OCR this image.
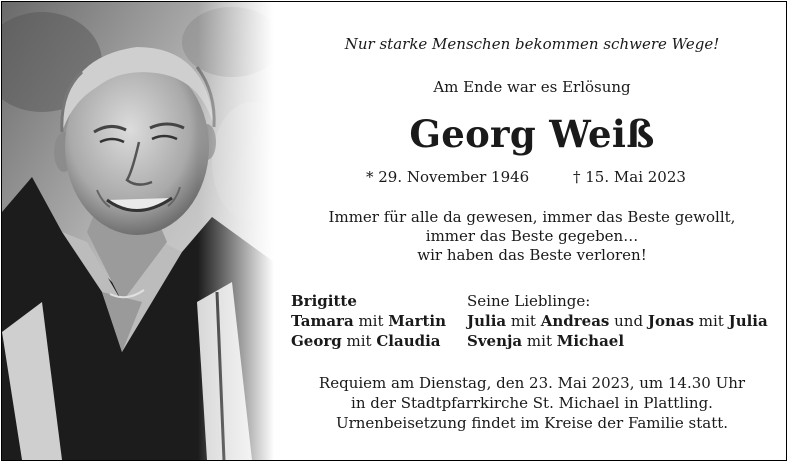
Nur starke Menschen bekommen schwere Wege!
Am Ende war es Erlösung
Georg Weiß
* 29. November 1946	† 15. Mai 2023
Immer für alle da gewesen, immer das Beste gewollt,
immer das Beste gegeben…
wir haben das Beste verloren!
Brigitte
Tamara mit Martin
Georg mit Claudia
Seine Lieblinge:
Julia mit Andreas und Jonas mit Julia
Svenja mit Michael
Requiem am Dienstag, den 23. Mai 2023, um 14.30 Uhr
in der Stadtpfarrkirche St. Michael in Plattling.
Urnenbeisetzung findet im Kreise der Familie statt.
